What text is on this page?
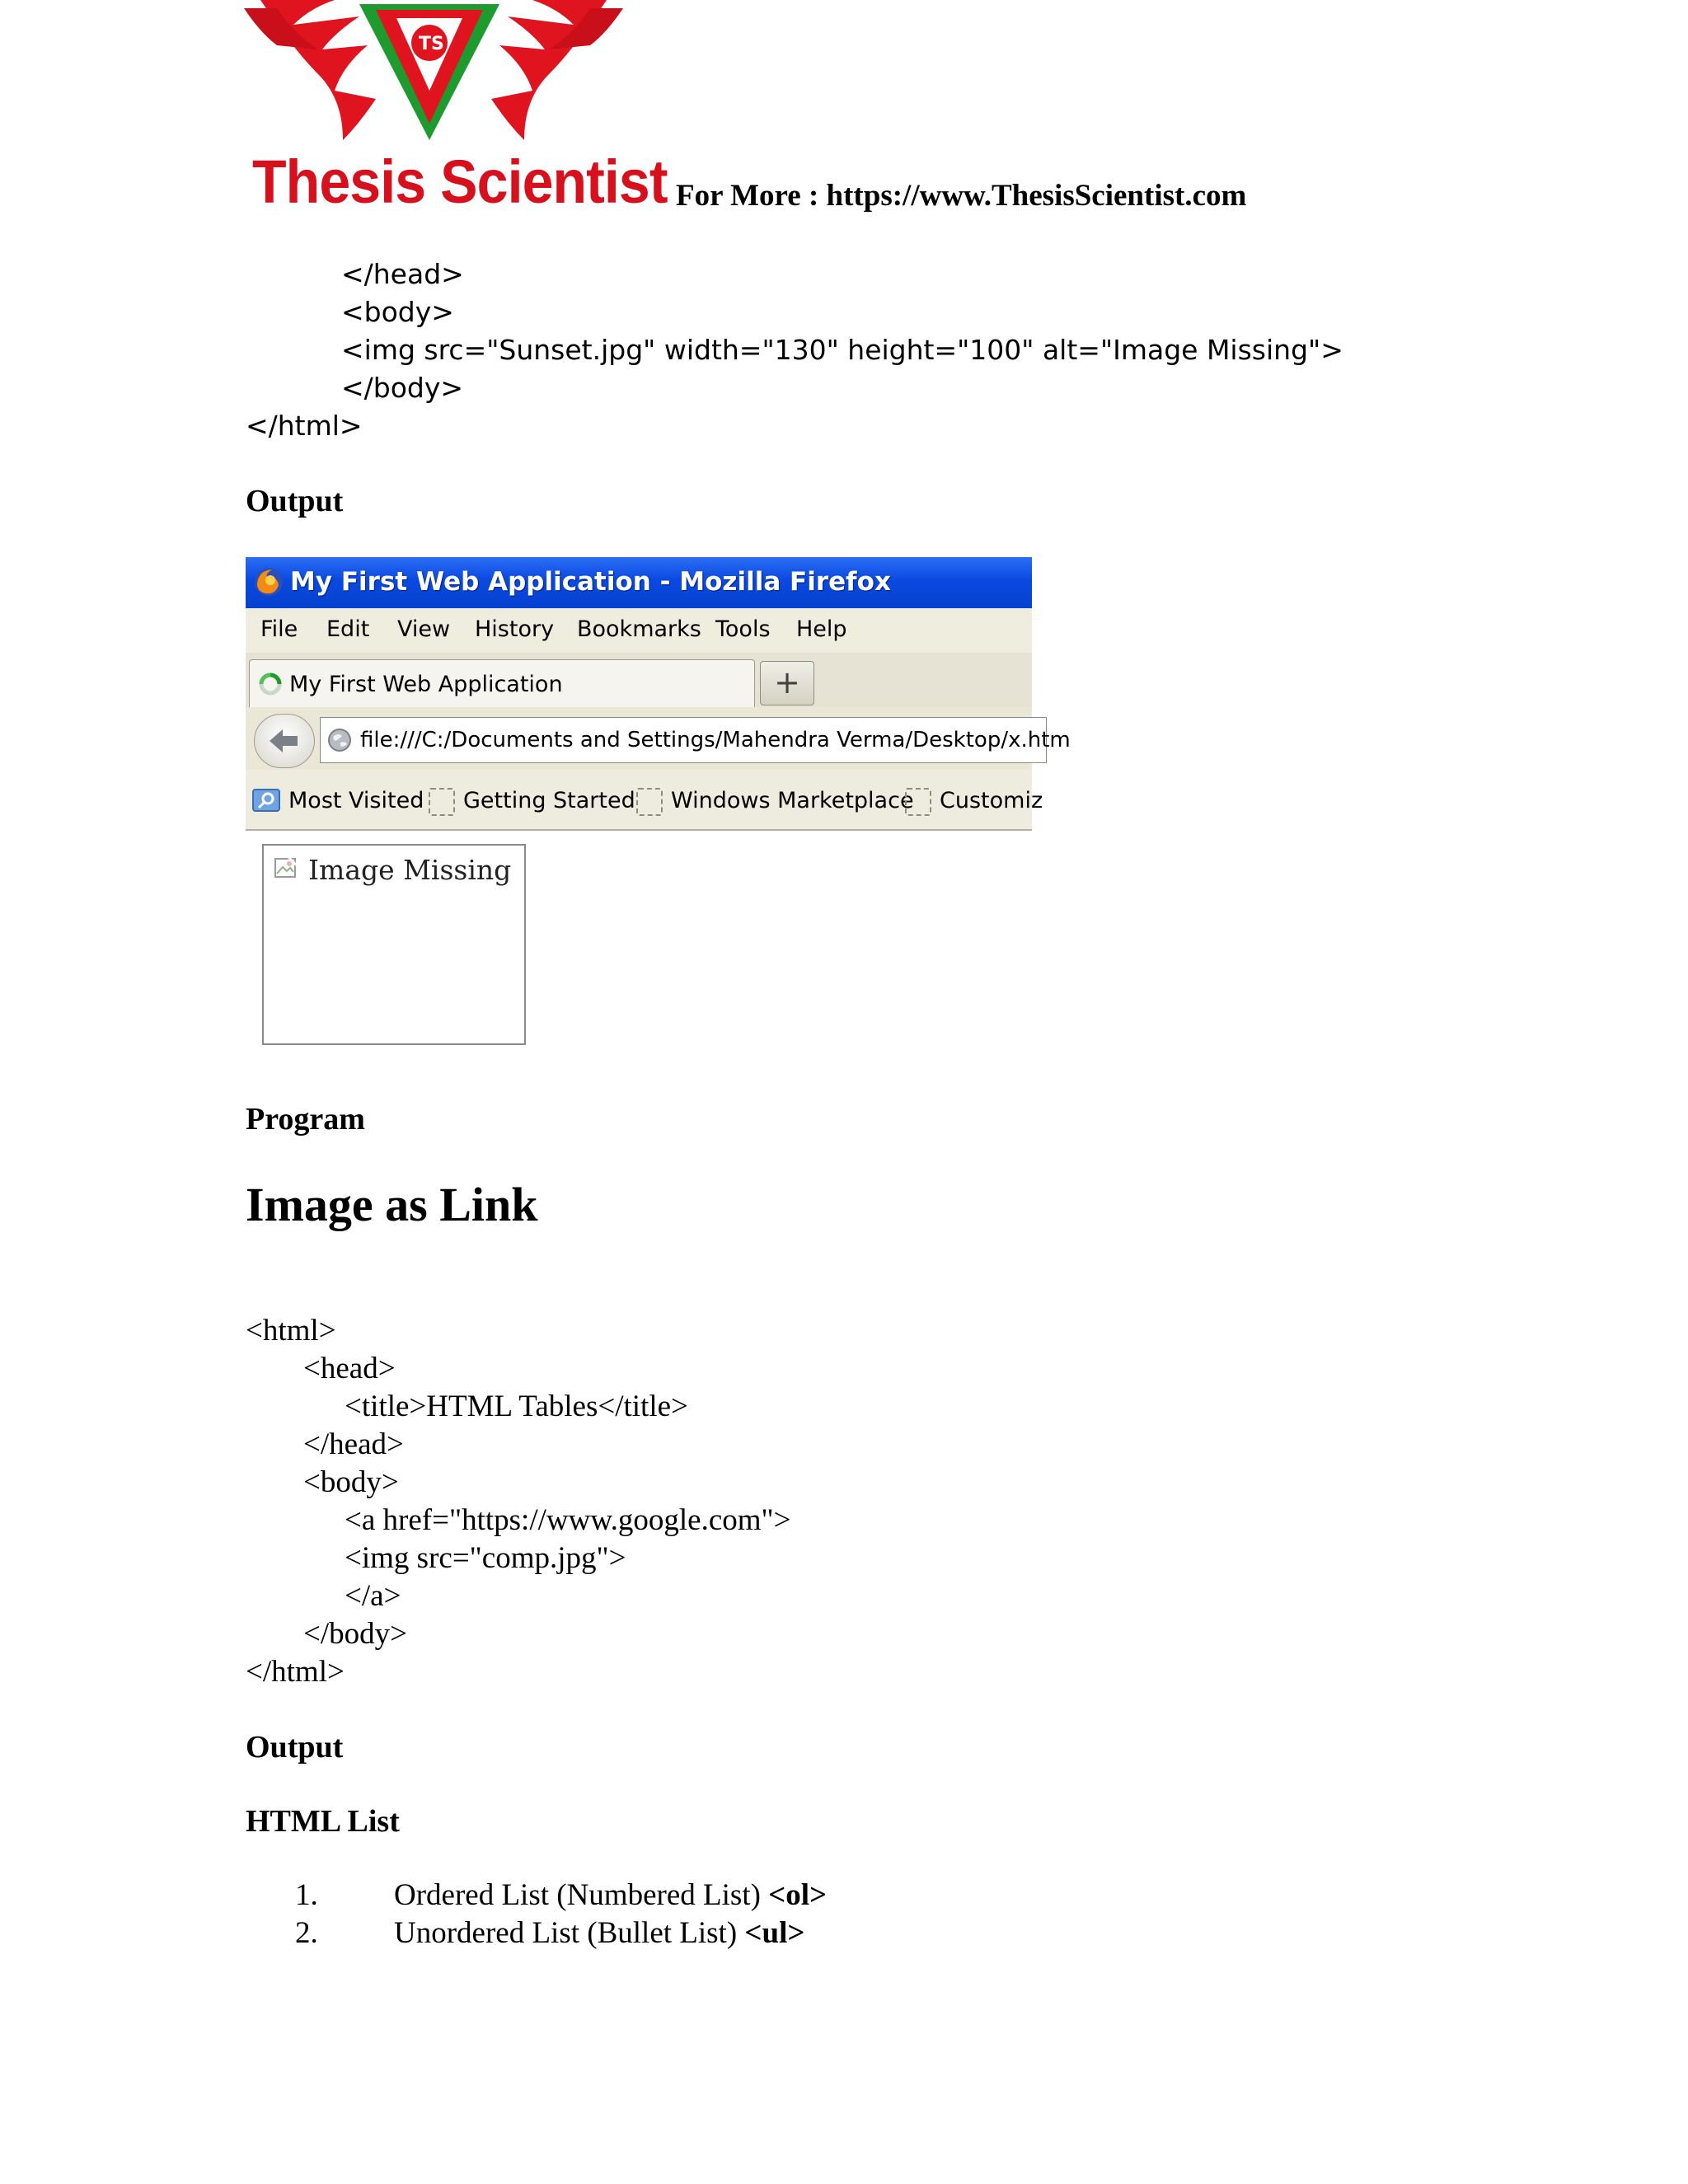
TS
Thesis Scientist For More : https://www.ThesisScientist.com
</head>
<body>
<img src="Sunset.jpg" width="130" height="100" alt="Image Missing">
</body>
</html>
Output
My First Web Application - Mozilla Firefox
File Edit View History Bookmarks Tools Help
My First Web Application	+
file:///C:/Documents and Settings/Mahendra Verma/Desktop/x.htm
Most Visited Getting Started Windows Marketplace Customiz
Image Missing
Program
Image as Link
<html>
<head>
<title>HTML Tables</title>
</head>
<body>
<a href="https://www.google.com">
<img src="comp.jpg">
</a>
</body>
</html>
Output
HTML List
1. Ordered List (Numbered List) <ol>
2. Unordered List (Bullet List) <ul>
